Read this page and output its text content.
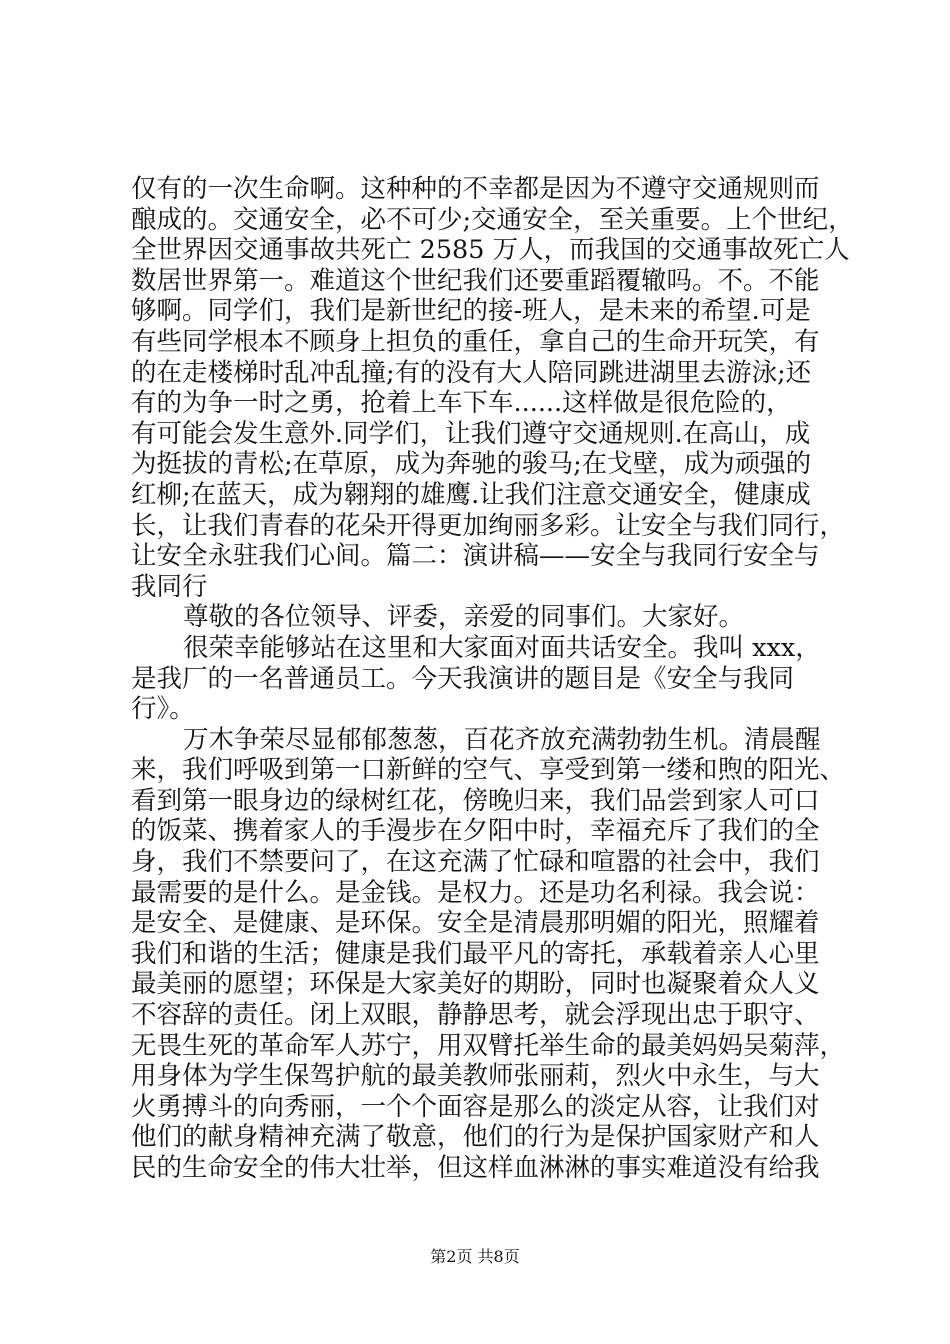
仅有的一次生命啊。这种种的不幸都是因为不遵守交通规则而
酿成的。交通安全，必不可少;交通安全，至关重要。上个世纪，
全世界因交通事故共死亡 2585 万人，而我国的交通事故死亡人
数居世界第一。难道这个世纪我们还要重蹈覆辙吗。不。不能
够啊。同学们，我们是新世纪的接-班人，是未来的希望.可是
有些同学根本不顾身上担负的重任，拿自己的生命开玩笑，有
的在走楼梯时乱冲乱撞;有的没有大人陪同跳进湖里去游泳;还
有的为争一时之勇，抢着上车下车......这样做是很危险的，
有可能会发生意外.同学们，让我们遵守交通规则.在高山，成
为挺拔的青松;在草原，成为奔驰的骏马;在戈壁，成为顽强的
红柳;在蓝天，成为翱翔的雄鹰.让我们注意交通安全，健康成
长，让我们青春的花朵开得更加绚丽多彩。让安全与我们同行，
让安全永驻我们心间。篇二：演讲稿——安全与我同行安全与
我同行
尊敬的各位领导、评委，亲爱的同事们。大家好。
很荣幸能够站在这里和大家面对面共话安全。我叫 xxx，
是我厂的一名普通员工。今天我演讲的题目是《安全与我同
行》。
万木争荣尽显郁郁葱葱，百花齐放充满勃勃生机。清晨醒
来，我们呼吸到第一口新鲜的空气、享受到第一缕和煦的阳光、
看到第一眼身边的绿树红花，傍晚归来，我们品尝到家人可口
的饭菜、携着家人的手漫步在夕阳中时，幸福充斥了我们的全
身，我们不禁要问了，在这充满了忙碌和喧嚣的社会中，我们
最需要的是什么。是金钱。是权力。还是功名利禄。我会说：
是安全、是健康、是环保。安全是清晨那明媚的阳光，照耀着
我们和谐的生活；健康是我们最平凡的寄托，承载着亲人心里
最美丽的愿望；环保是大家美好的期盼，同时也凝聚着众人义
不容辞的责任。闭上双眼，静静思考，就会浮现出忠于职守、
无畏生死的革命军人苏宁，用双臂托举生命的最美妈妈吴菊萍，
用身体为学生保驾护航的最美教师张丽莉，烈火中永生，与大
火勇搏斗的向秀丽，一个个面容是那么的淡定从容，让我们对
他们的献身精神充满了敬意，他们的行为是保护国家财产和人
民的生命安全的伟大壮举，但这样血淋淋的事实难道没有给我
第2页 共8页
